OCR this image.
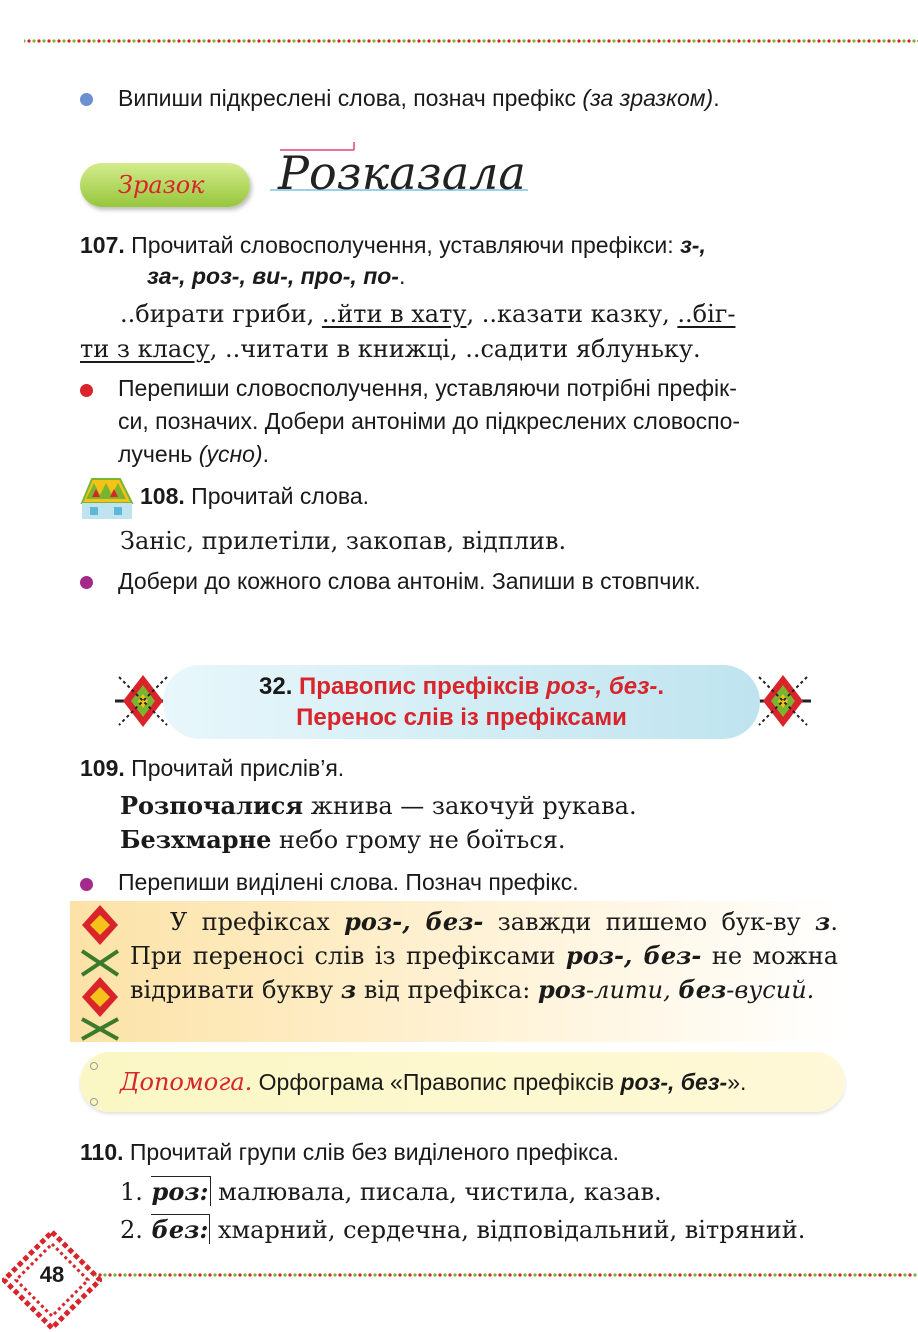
Випиши підкреслені слова, познач префікс (за зразком).
Зразок Розказала
107. Прочитай словосполучення, уставляючи префікси: з-,
за-, роз-, ви-, про-, по-.
..бирати гриби, ..йти в хату, ..казати казку, ..біг-
ти з класу, ..читати в книжці, ..садити яблуньку.
Перепиши словосполучення, уставляючи потрібні префік-
си, позначих. Добери антоніми до підкреслених словоспо-
лучень (усно).
108. Прочитай слова.
Заніс, прилетіли, закопав, відплив.
Добери до кожного слова антонім. Запиши в стовпчик.
32. Правопис префіксів роз-, без-.
Перенос слів із префіксами
109. Прочитай прислів’я.
Розпочалися жнива — закочуй рукава.
Безхмарне небо грому не боїться.
Перепиши виділені слова. Познач префікс.
У префіксах роз-, без- завжди пишемо бук-ву з. При переносі слів із префіксами роз-, без- не можна відривати букву з від префікса: роз-лити, без-вусий.
Допомога. Орфограма «Правопис префіксів роз-, без-».
110. Прочитай групи слів без виділеного префікса.
1. роз: малювала, писала, чистила, казав.
2. без: хмарний, сердечна, відповідальний, вітряний.
48
